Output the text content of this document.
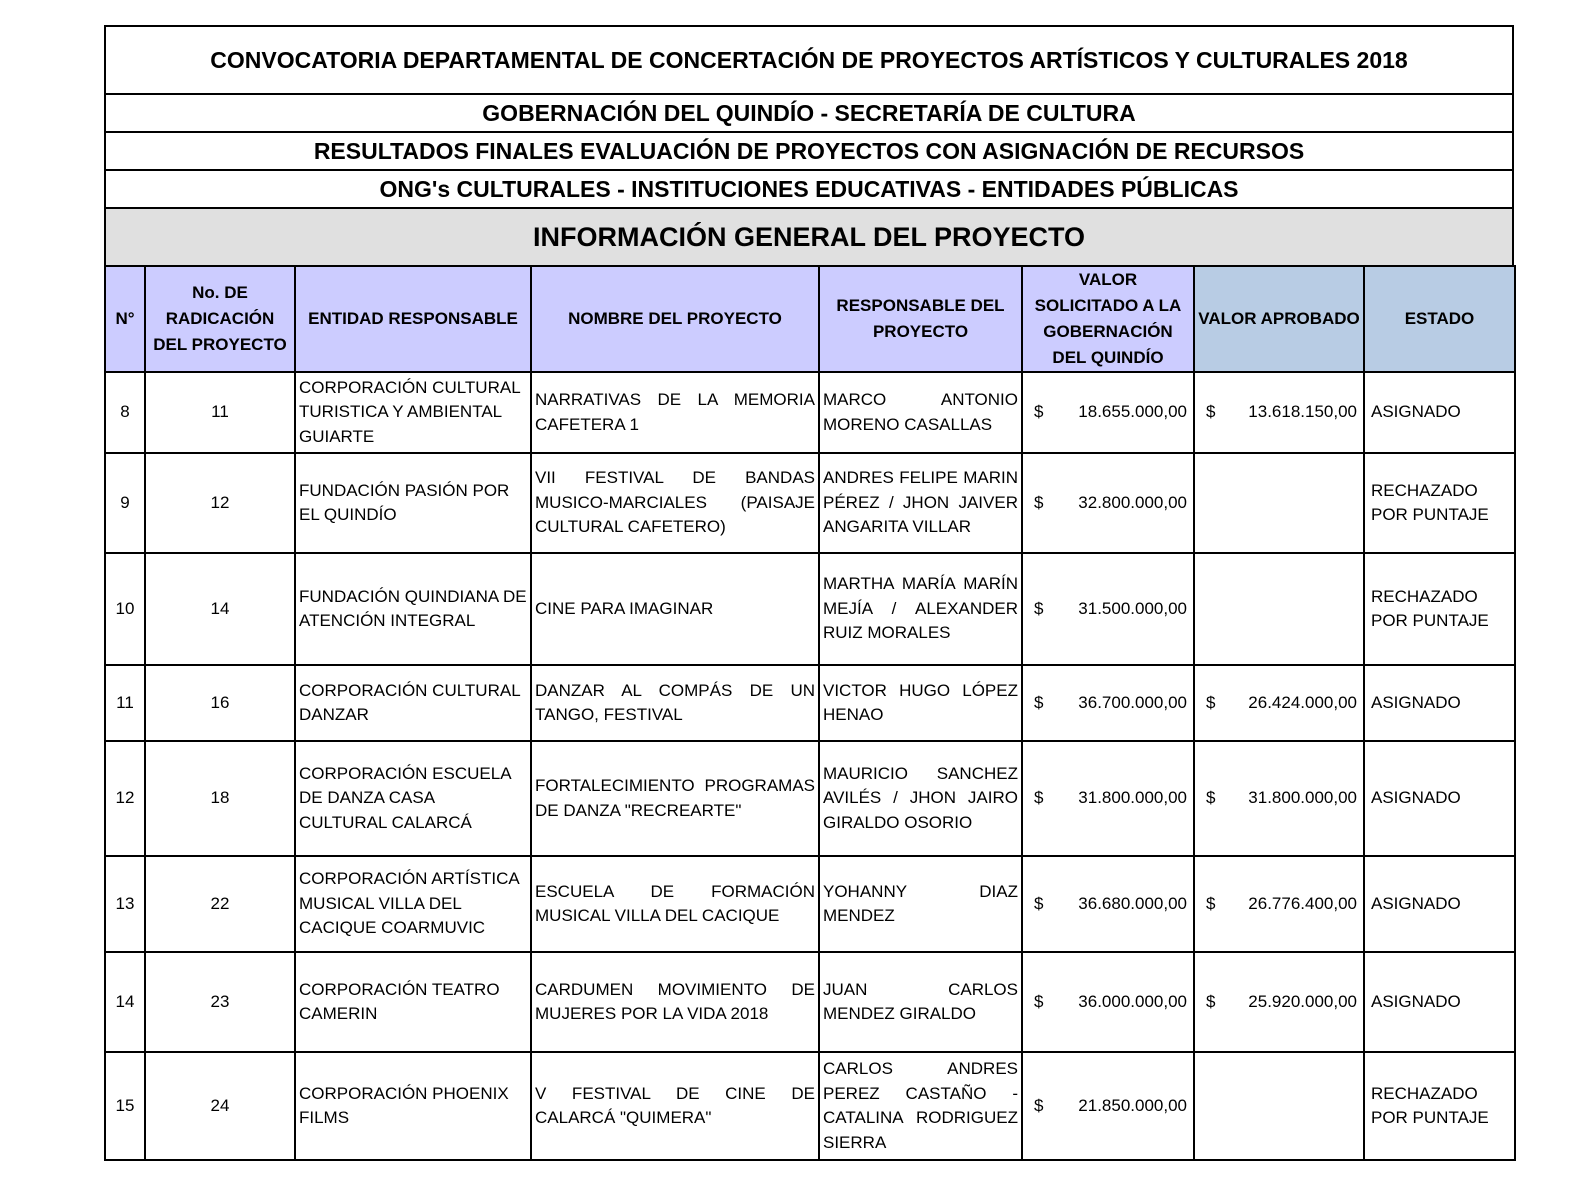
CONVOCATORIA DEPARTAMENTAL DE CONCERTACIÓN DE PROYECTOS ARTÍSTICOS Y CULTURALES 2018
GOBERNACIÓN DEL QUINDÍO - SECRETARÍA DE CULTURA
RESULTADOS FINALES EVALUACIÓN DE PROYECTOS CON ASIGNACIÓN DE RECURSOS
ONG's CULTURALES - INSTITUCIONES EDUCATIVAS - ENTIDADES PÚBLICAS
INFORMACIÓN GENERAL DEL PROYECTO
N°	No. DE RADICACIÓN DEL PROYECTO	ENTIDAD RESPONSABLE	NOMBRE DEL PROYECTO	RESPONSABLE DEL PROYECTO	VALOR SOLICITADO A LA GOBERNACIÓN DEL QUINDÍO	VALOR APROBADO	ESTADO
8	11	CORPORACIÓN CULTURAL TURISTICA Y AMBIENTAL GUIARTE	NARRATIVAS DE LA MEMORIA CAFETERA 1	MARCO ANTONIO MORENO CASALLAS	$ 18.655.000,00	$ 13.618.150,00	ASIGNADO
9	12	FUNDACIÓN PASIÓN POR EL QUINDÍO	VII FESTIVAL DE BANDAS MUSICO-MARCIALES (PAISAJE CULTURAL CAFETERO)	ANDRES FELIPE MARIN PÉREZ / JHON JAIVER ANGARITA VILLAR	$ 32.800.000,00		RECHAZADO POR PUNTAJE
10	14	FUNDACIÓN QUINDIANA DE ATENCIÓN INTEGRAL	CINE PARA IMAGINAR	MARTHA MARÍA MARÍN MEJÍA / ALEXANDER RUIZ MORALES	$ 31.500.000,00		RECHAZADO POR PUNTAJE
11	16	CORPORACIÓN CULTURAL DANZAR	DANZAR AL COMPÁS DE UN TANGO, FESTIVAL	VICTOR HUGO LÓPEZ HENAO	$ 36.700.000,00	$ 26.424.000,00	ASIGNADO
12	18	CORPORACIÓN ESCUELA DE DANZA CASA CULTURAL CALARCÁ	FORTALECIMIENTO PROGRAMAS DE DANZA "RECREARTE"	MAURICIO SANCHEZ AVILÉS / JHON JAIRO GIRALDO OSORIO	$ 31.800.000,00	$ 31.800.000,00	ASIGNADO
13	22	CORPORACIÓN ARTÍSTICA MUSICAL VILLA DEL CACIQUE COARMUVIC	ESCUELA DE FORMACIÓN MUSICAL VILLA DEL CACIQUE	YOHANNY DIAZ MENDEZ	$ 36.680.000,00	$ 26.776.400,00	ASIGNADO
14	23	CORPORACIÓN TEATRO CAMERIN	CARDUMEN MOVIMIENTO DE MUJERES POR LA VIDA 2018	JUAN CARLOS MENDEZ GIRALDO	$ 36.000.000,00	$ 25.920.000,00	ASIGNADO
15	24	CORPORACIÓN PHOENIX FILMS	V FESTIVAL DE CINE DE CALARCÁ "QUIMERA"	CARLOS ANDRES PEREZ CASTAÑO - CATALINA RODRIGUEZ SIERRA	$ 21.850.000,00		RECHAZADO POR PUNTAJE
